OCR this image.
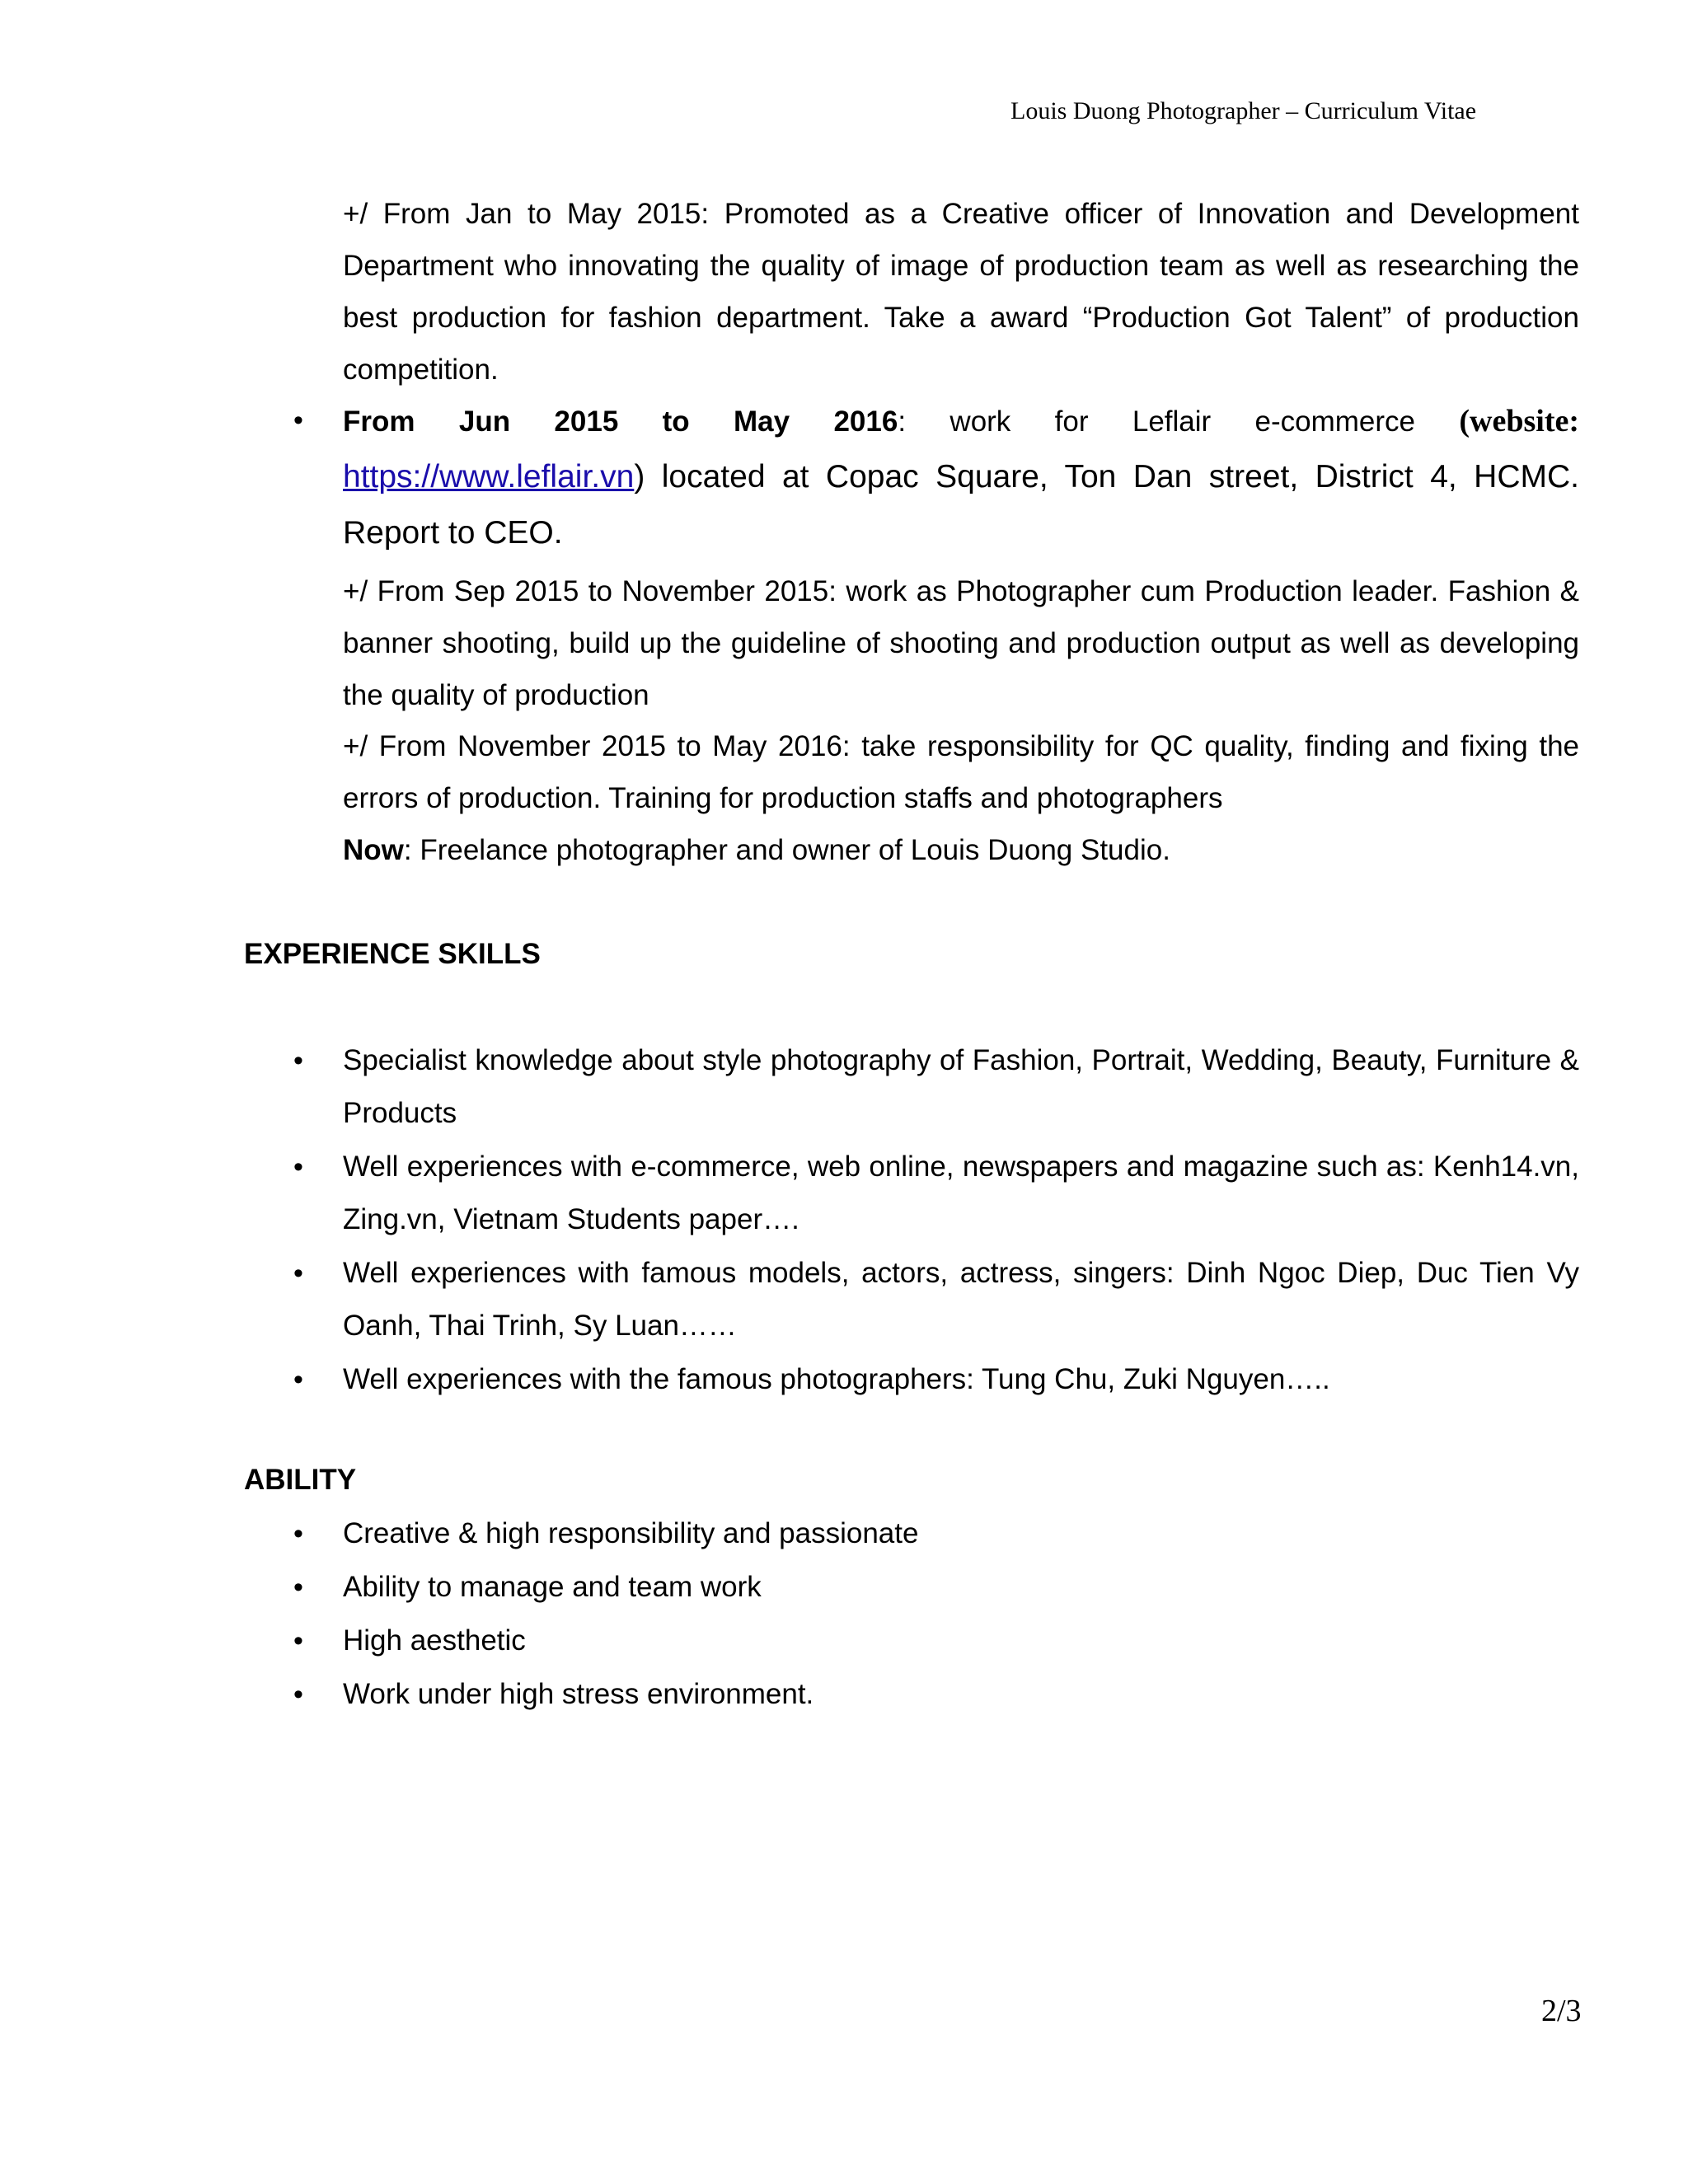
Louis Duong Photographer – Curriculum Vitae
+/ From Jan to May 2015: Promoted as a Creative officer of Innovation and Development Department who innovating the quality of image of production team as well as researching the best production for fashion department. Take a award “Production Got Talent” of production competition.
• From Jun 2015 to May 2016: work for Leflair e-commerce (website: https://www.leflair.vn) located at Copac Square, Ton Dan street, District 4, HCMC. Report to CEO.
+/ From Sep 2015 to November 2015: work as Photographer cum Production leader. Fashion & banner shooting, build up the guideline of shooting and production output as well as developing the quality of production
+/ From November 2015 to May 2016: take responsibility for QC quality, finding and fixing the errors of production. Training for production staffs and photographers
Now: Freelance photographer and owner of Louis Duong Studio.
EXPERIENCE SKILLS
• Specialist knowledge about style photography of Fashion, Portrait, Wedding, Beauty, Furniture & Products
• Well experiences with e-commerce, web online, newspapers and magazine such as: Kenh14.vn, Zing.vn, Vietnam Students paper….
• Well experiences with famous models, actors, actress, singers: Dinh Ngoc Diep, Duc Tien Vy Oanh, Thai Trinh, Sy Luan……
• Well experiences with the famous photographers: Tung Chu, Zuki Nguyen…..
ABILITY
• Creative & high responsibility and passionate
• Ability to manage and team work
• High aesthetic
• Work under high stress environment.
2/3
